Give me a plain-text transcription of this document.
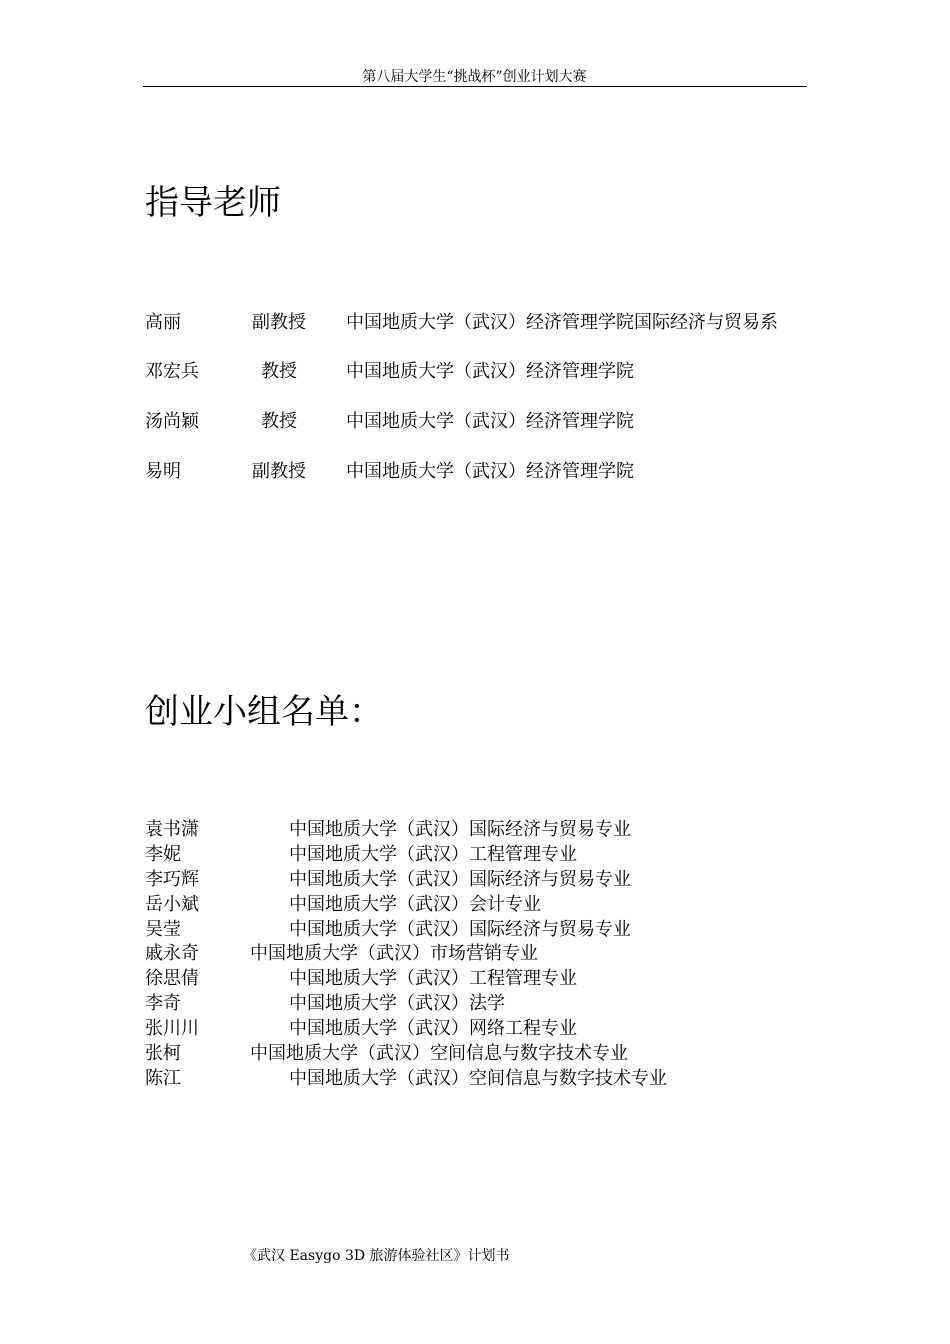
第八届大学生“挑战杯”创业计划大赛
指导老师
高丽	副教授	中国地质大学（武汉）经济管理学院国际经济与贸易系
邓宏兵	教授	中国地质大学（武汉）经济管理学院
汤尚颖	教授	中国地质大学（武汉）经济管理学院
易明	副教授	中国地质大学（武汉）经济管理学院
创业小组名单：
袁书潇	中国地质大学（武汉）国际经济与贸易专业
李妮	中国地质大学（武汉）工程管理专业
李巧辉	中国地质大学（武汉）国际经济与贸易专业
岳小斌	中国地质大学（武汉）会计专业
吴莹	中国地质大学（武汉）国际经济与贸易专业
戚永奇	中国地质大学（武汉）市场营销专业
徐思倩	中国地质大学（武汉）工程管理专业
李奇	中国地质大学（武汉）法学
张川川	中国地质大学（武汉）网络工程专业
张柯	中国地质大学（武汉）空间信息与数字技术专业
陈江	中国地质大学（武汉）空间信息与数字技术专业
《武汉 Easygo 3D 旅游体验社区》计划书
